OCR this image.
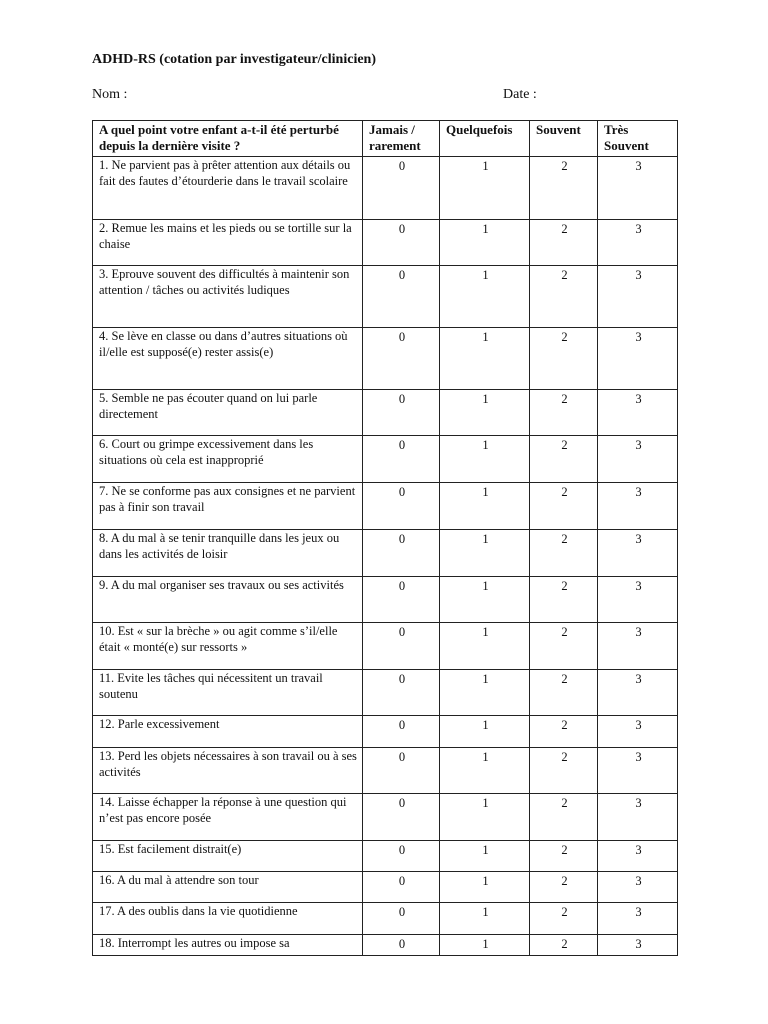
ADHD-RS (cotation par investigateur/clinicien)
Nom :	Date :
A quel point votre enfant a-t-il été perturbé depuis la dernière visite ?	Jamais / rarement	Quelquefois	Souvent	Très Souvent
1. Ne parvient pas à prêter attention aux détails ou fait des fautes d’étourderie dans le travail scolaire	0	1	2	3
2. Remue les mains et les pieds ou se tortille sur la chaise	0	1	2	3
3. Eprouve souvent des difficultés à maintenir son attention / tâches ou activités ludiques	0	1	2	3
4. Se lève en classe ou dans d’autres situations où il/elle est supposé(e) rester assis(e)	0	1	2	3
5. Semble ne pas écouter quand on lui parle directement	0	1	2	3
6. Court ou grimpe excessivement dans les situations où cela est inapproprié	0	1	2	3
7. Ne se conforme pas aux consignes et ne parvient pas à finir son travail	0	1	2	3
8. A du mal à se tenir tranquille dans les jeux ou dans les activités de loisir	0	1	2	3
9. A du mal organiser ses travaux ou ses activités	0	1	2	3
10. Est « sur la brèche » ou agit comme s’il/elle était « monté(e) sur ressorts »	0	1	2	3
11. Evite les tâches qui nécessitent un travail soutenu	0	1	2	3
12. Parle excessivement	0	1	2	3
13. Perd les objets nécessaires à son travail ou à ses activités	0	1	2	3
14. Laisse échapper la réponse à une question qui n’est pas encore posée	0	1	2	3
15. Est facilement distrait(e)	0	1	2	3
16. A du mal à attendre son tour	0	1	2	3
17. A des oublis dans la vie quotidienne	0	1	2	3
18. Interrompt les autres ou impose sa	0	1	2	3
